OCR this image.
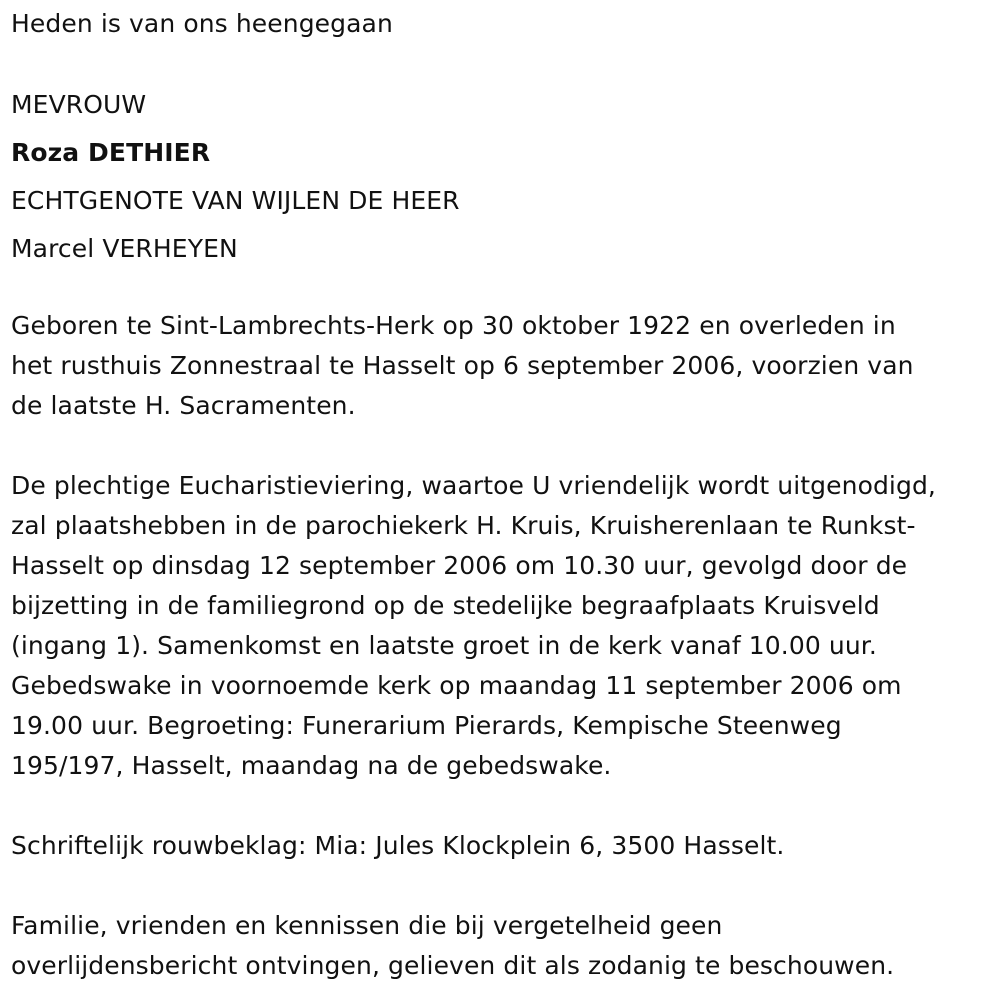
Heden is van ons heengegaan
MEVROUW
Roza DETHIER
ECHTGENOTE VAN WIJLEN DE HEER
Marcel VERHEYEN
Geboren te Sint-Lambrechts-Herk op 30 oktober 1922 en overleden in
het rusthuis Zonnestraal te Hasselt op 6 september 2006, voorzien van
de laatste H. Sacramenten.
De plechtige Eucharistieviering, waartoe U vriendelijk wordt uitgenodigd,
zal plaatshebben in de parochiekerk H. Kruis, Kruisherenlaan te Runkst-
Hasselt op dinsdag 12 september 2006 om 10.30 uur, gevolgd door de
bijzetting in de familiegrond op de stedelijke begraafplaats Kruisveld
(ingang 1). Samenkomst en laatste groet in de kerk vanaf 10.00 uur.
Gebedswake in voornoemde kerk op maandag 11 september 2006 om
19.00 uur. Begroeting: Funerarium Pierards, Kempische Steenweg
195/197, Hasselt, maandag na de gebedswake.
Schriftelijk rouwbeklag: Mia: Jules Klockplein 6, 3500 Hasselt.
Familie, vrienden en kennissen die bij vergetelheid geen
overlijdensbericht ontvingen, gelieven dit als zodanig te beschouwen.
